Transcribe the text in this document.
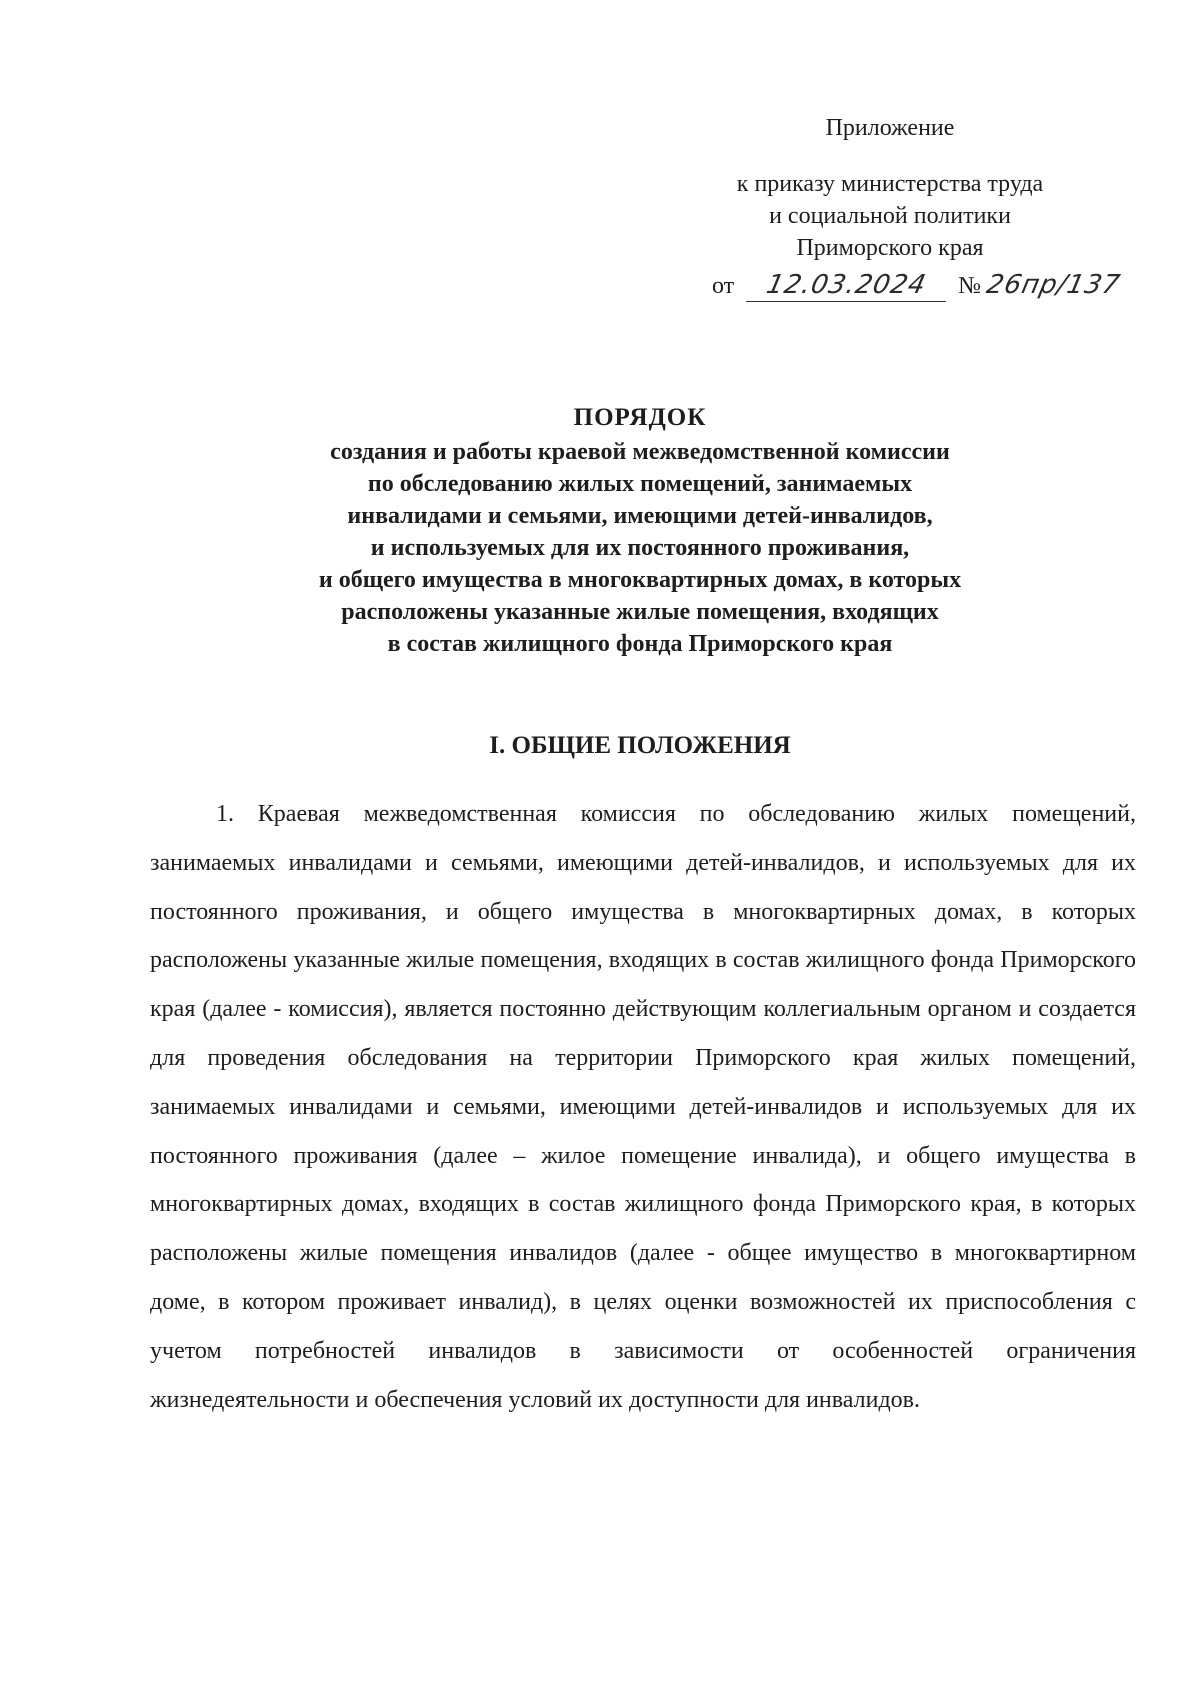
Приложение
к приказу министерства труда
и социальной политики
Приморского края
от 12.03.2024 № 26пр/137
ПОРЯДОК
создания и работы краевой межведомственной комиссии
по обследованию жилых помещений, занимаемых
инвалидами и семьями, имеющими детей-инвалидов,
и используемых для их постоянного проживания,
и общего имущества в многоквартирных домах, в которых
расположены указанные жилые помещения, входящих
в состав жилищного фонда Приморского края
I. ОБЩИЕ ПОЛОЖЕНИЯ

1. Краевая межведомственная комиссия по обследованию жилых помещений, занимаемых инвалидами и семьями, имеющими детей-инвалидов, и используемых для их постоянного проживания, и общего имущества в многоквартирных домах, в которых расположены указанные жилые помещения, входящих в состав жилищного фонда Приморского края (далее - комиссия), является постоянно действующим коллегиальным органом и создается для проведения обследования на территории Приморского края жилых помещений, занимаемых инвалидами и семьями, имеющими детей-инвалидов и используемых для их постоянного проживания (далее – жилое помещение инвалида), и общего имущества в многоквартирных домах, входящих в состав жилищного фонда Приморского края, в которых расположены жилые помещения инвалидов (далее - общее имущество в многоквартирном доме, в котором проживает инвалид), в целях оценки возможностей их приспособления с учетом потребностей инвалидов в зависимости от особенностей ограничения жизнедеятельности и обеспечения условий их доступности для инвалидов.
